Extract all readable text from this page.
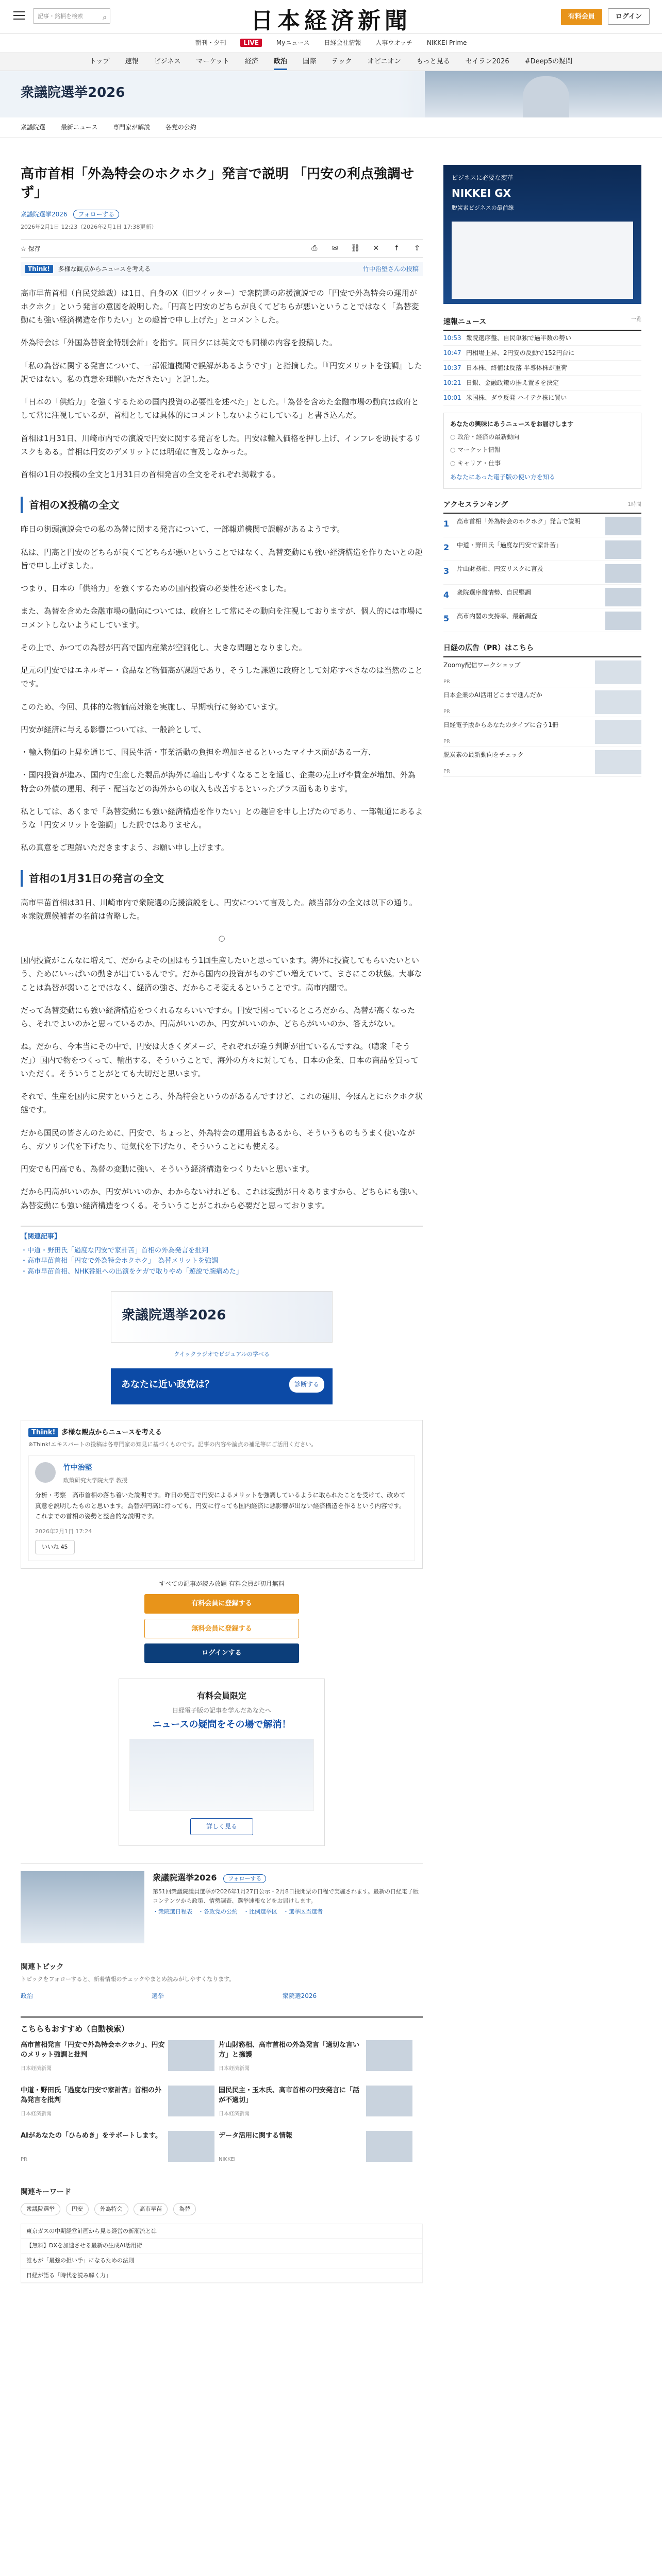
記事・銘柄を検索	⌕	日本経済新聞	有料会員	ログイン
朝刊・夕刊	LIVE	Myニュース 日経会社情報 人事ウオッチ NIKKEI Prime
トップ 速報 ビジネス マーケット 経済 政治 国際 テック オピニオン もっと見る セイラン2026 #Deep5の疑問
衆議院選挙2026
衆議院選 最新ニュース 専門家が解説 各党の公約
高市首相「外為特会のホクホク」発言で説明 「円安の利点強調せず」
衆議院選挙2026 フォローする
2026年2月1日 12:23（2026年2月1日 17:38更新）
☆ 保存	⎙ ✉ ⛓ ✕ f ⇪
Think! 多様な観点からニュースを考える	竹中治堅さんの投稿

高市早苗首相（自民党総裁）は1日、自身のX（旧ツイッター）で衆院選の応援演説での「円安で外為特会の運用がホクホク」という発言の意図を説明した。「円高と円安のどちらが良くてどちらが悪いということではなく「為替変動にも強い経済構造を作りたい」との趣旨で申し上げた」とコメントした。

外為特会は「外国為替資金特別会計」を指す。同日夕には英文でも同様の内容を投稿した。

「私の為替に関する発言について、一部報道機関で誤解があるようです」と指摘した。「『円安メリットを強調』した訳ではない。私の真意を理解いただきたい」と記した。

「日本の「供給力」を強くするための国内投資の必要性を述べた」とした。「為替を含めた金融市場の動向は政府として常に注視しているが、首相としては具体的にコメントしないようにしている」と書き込んだ。

首相は1月31日、川崎市内での演説で円安に関する発言をした。円安は輸入価格を押し上げ、インフレを助長するリスクもある。首相は円安のデメリットには明確に言及しなかった。

首相の1日の投稿の全文と1月31日の首相発言の全文をそれぞれ掲載する。

首相のX投稿の全文

昨日の街頭演説会での私の為替に関する発言について、一部報道機関で誤解があるようです。

私は、円高と円安のどちらが良くてどちらが悪いということではなく、為替変動にも強い経済構造を作りたいとの趣旨で申し上げました。

つまり、日本の「供給力」を強くするための国内投資の必要性を述べました。

また、為替を含めた金融市場の動向については、政府として常にその動向を注視しておりますが、個人的には市場にコメントしないようにしています。

その上で、かつての為替が円高で国内産業が空洞化し、大きな問題となりました。

足元の円安ではエネルギー・食品など物価高が課題であり、そうした課題に政府として対応すべきなのは当然のことです。

このため、今回、具体的な物価高対策を実施し、早期執行に努めています。

円安が経済に与える影響については、一般論として、

・輸入物価の上昇を通じて、国民生活・事業活動の負担を増加させるといったマイナス面がある一方、

・国内投資が進み、国内で生産した製品が海外に輸出しやすくなることを通じ、企業の売上げや賃金が増加、外為特会の外債の運用、利子・配当などの海外からの収入も改善するといったプラス面もあります。

私としては、あくまで「為替変動にも強い経済構造を作りたい」との趣旨を申し上げたのであり、一部報道にあるような「円安メリットを強調」した訳ではありません。

私の真意をご理解いただきますよう、お願い申し上げます。

首相の1月31日の発言の全文

高市早苗首相は31日、川崎市内で衆院選の応援演説をし、円安について言及した。該当部分の全文は以下の通り。＊衆院選候補者の名前は省略した。

○

国内投資がこんなに増えて、だからよその国はもう1回生産したいと思っています。海外に投資してもらいたいという、ためにいっぱいの動きが出ているんです。だから国内の投資がものすごい増えていて、まさにこの状態。大事なことは為替が弱いことではなく、経済の強さ、だからこそ変えるということです。高市内閣で。

だって為替変動にも強い経済構造をつくれるならいいですか。円安で困っているところだから、為替が高くなったら、それでよいのかと思っているのか、円高がいいのか、円安がいいのか、どちらがいいのか、答えがない。

ね。だから、今本当にその中で、円安は大きくダメージ、それぞれが違う判断が出ているんですね。（聴衆「そうだ」）国内で物をつくって、輸出する、そういうことで、海外の方々に対しても、日本の企業、日本の商品を買っていただく。そういうことがとても大切だと思います。

それで、生産を国内に戻すというところ、外為特会というのがあるんですけど、これの運用、今ほんとにホクホク状態です。

だから国民の皆さんのために、円安で、ちょっと、外為特会の運用益もあるから、そういうものもうまく使いながら、ガソリン代を下げたり、電気代を下げたり、そういうことにも使える。

円安でも円高でも、為替の変動に強い、そういう経済構造をつくりたいと思います。

だから円高がいいのか、円安がいいのか、わからないけれども、これは変動が日々ありますから、どちらにも強い、為替変動にも強い経済構造をつくる。そういうことがこれから必要だと思っております。

【関連記事】
・中道・野田氏「過度な円安で家計苦」首相の外為発言を批判
・高市早苗首相「円安で外為特会ホクホク」　為替メリットを強調
・高市早苗首相、NHK番組への出演をケガで取りやめ「遊説で腕痛めた」
衆議院選挙2026
クイックラジオでビジュアルの学べる
あなたに近い政党は？	診断する
Think! 多様な観点からニュースを考える
※Think!エキスパートの投稿は各専門家の知見に基づくものです。記事の内容や論点の補足等にご活用ください。

竹中治堅
政策研究大学院大学 教授
分析・考察　高市首相の落ち着いた説明です。昨日の発言で円安によるメリットを強調しているように取られたことを受けて、改めて真意を説明したものと思います。為替が円高に行っても、円安に行っても国内経済に悪影響が出ない経済構造を作るという内容です。これまでの首相の姿勢と整合的な説明です。
2026年2月1日 17:24
いいね 45
すべての記事が読み放題 有料会員が初月無料
有料会員に登録する
無料会員に登録する
ログインする
有料会員限定
日経電子版の記事を学んだあなたへ
ニュースの疑問をその場で解消！
詳しく見る
衆議院選挙2026 フォローする

第51回衆議院議員選挙が2026年1月27日公示・2月8日投開票の日程で実施されます。最新の日経電子版コンテンツから政策、情勢調査、選挙速報などをお届けします。

・衆院選日程表　・各政党の公約　・比例選挙区　・選挙区当選者
関連トピック
トピックをフォローすると、新着情報のチェックやまとめ読みがしやすくなります。
政治	選挙	衆院選2026
こちらもおすすめ（自動検索）
高市首相発言「円安で外為特会ホクホク」、円安のメリット強調と批判
日本経済新聞
片山財務相、高市首相の外為発言「適切な言い方」と擁護
日本経済新聞

中道・野田氏「過度な円安で家計苦」首相の外為発言を批判
日本経済新聞
国民民主・玉木氏、高市首相の円安発言に「話が不適切」
日本経済新聞

AIがあなたの「ひらめき」をサポートします。
PR
データ活用に関する情報
NIKKEI
関連キーワード
衆議院選挙	円安	外為特会	高市早苗	為替
東京ガスの中期経営計画から見る経営の新潮流とは
【無料】DXを加速させる最新の生成AI活用術
誰もが「最強の担い手」になるための法則
日経が語る「時代を読み解く力」
ビジネスに必要な変革
NIKKEI GX
脱炭素ビジネスの最前線
速報ニュース	一覧
10:53 衆院選序盤、自民単独で過半数の勢い
10:47 円相場上昇、2円安の反動で152円台に
10:37 日本株、終値は反落 半導体株が重荷
10:21 日銀、金融政策の据え置きを決定
10:01 米国株、ダウ反発 ハイテク株に買い
あなたの興味にあうニュースをお届けします
○ 政治・経済の最新動向
○ マーケット情報
○ キャリア・仕事
あなたにあった電子版の使い方を知る
アクセスランキング	1時間
1	高市首相「外為特会のホクホク」発言で説明
2	中道・野田氏「過度な円安で家計苦」
3	片山財務相、円安リスクに言及
4	衆院選序盤情勢、自民堅調
5	高市内閣の支持率、最新調査
日経の広告（PR）はこちら
Zoomy配信ワークショップ
PR
日本企業のAI活用どこまで進んだか
PR
日経電子版からあなたのタイプに合う1冊
PR
脱炭素の最新動向をチェック
PR
